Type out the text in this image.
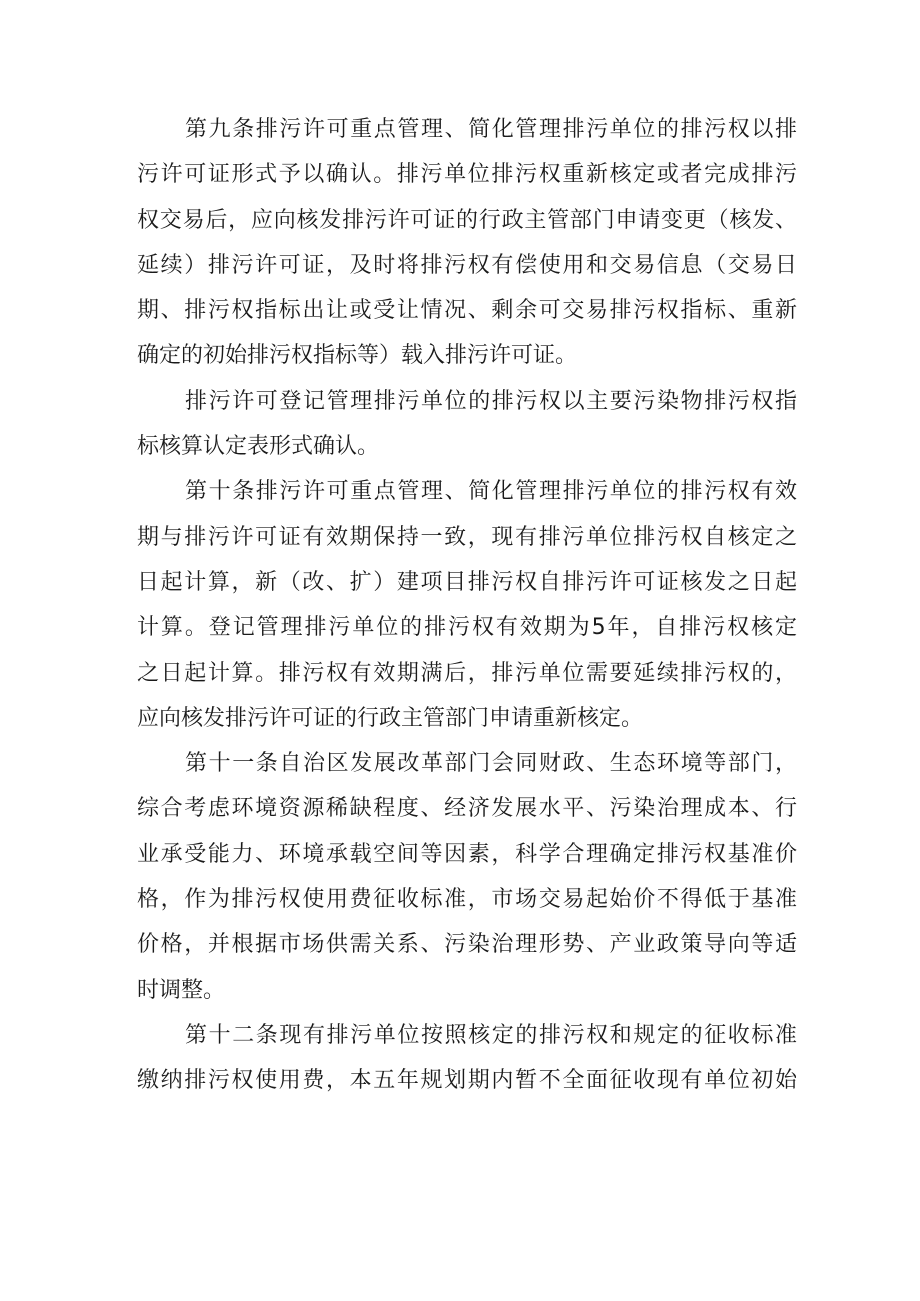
第九条排污许可重点管理、简化管理排污单位的排污权以排
污许可证形式予以确认。排污单位排污权重新核定或者完成排污
权交易后，应向核发排污许可证的行政主管部门申请变更（核发、
延续）排污许可证，及时将排污权有偿使用和交易信息（交易日
期、排污权指标出让或受让情况、剩余可交易排污权指标、重新
确定的初始排污权指标等）载入排污许可证。
排污许可登记管理排污单位的排污权以主要污染物排污权指
标核算认定表形式确认。
第十条排污许可重点管理、简化管理排污单位的排污权有效
期与排污许可证有效期保持一致，现有排污单位排污权自核定之
日起计算，新（改、扩）建项目排污权自排污许可证核发之日起
计算。登记管理排污单位的排污权有效期为5年，自排污权核定
之日起计算。排污权有效期满后，排污单位需要延续排污权的，
应向核发排污许可证的行政主管部门申请重新核定。
第十一条自治区发展改革部门会同财政、生态环境等部门，
综合考虑环境资源稀缺程度、经济发展水平、污染治理成本、行
业承受能力、环境承载空间等因素，科学合理确定排污权基准价
格，作为排污权使用费征收标准，市场交易起始价不得低于基准
价格，并根据市场供需关系、污染治理形势、产业政策导向等适
时调整。
第十二条现有排污单位按照核定的排污权和规定的征收标准
缴纳排污权使用费，本五年规划期内暂不全面征收现有单位初始
